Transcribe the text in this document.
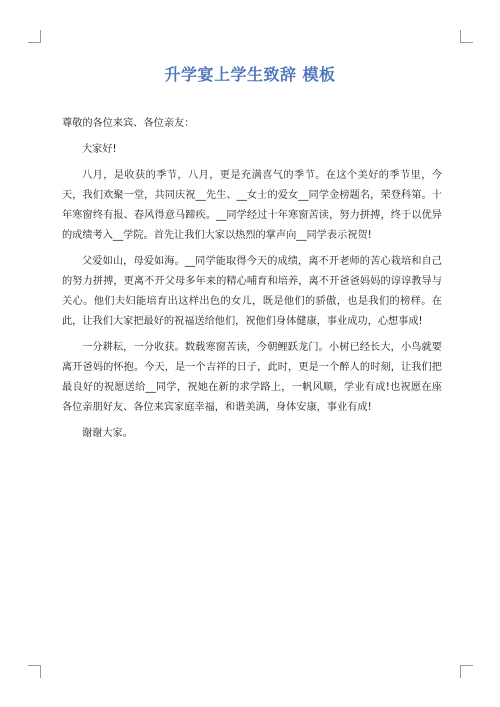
升学宴上学生致辞 模板

尊敬的各位来宾、各位亲友：

大家好!

八月，是收获的季节，八月，更是充满喜气的季节。在这个美好的季节里，今天，我们欢聚一堂，共同庆祝__先生、__女士的爱女__同学金榜题名，荣登科第。十年寒窗终有报、春风得意马蹄疾。__同学经过十年寒窗苦读，努力拼搏，终于以优异的成绩考入__学院。首先让我们大家以热烈的掌声向__同学表示祝贺!

父爱如山，母爱如海。__同学能取得今天的成绩，离不开老师的苦心栽培和自己的努力拼搏，更离不开父母多年来的精心哺育和培养，离不开爸爸妈妈的谆谆教导与关心。他们夫妇能培育出这样出色的女儿，既是他们的骄傲，也是我们的榜样。在此，让我们大家把最好的祝福送给他们，祝他们身体健康，事业成功，心想事成!

一分耕耘，一分收获。数载寒窗苦读，今朝鲤跃龙门。小树已经长大，小鸟就要离开爸妈的怀抱。今天，是一个吉祥的日子，此时，更是一个醉人的时刻，让我们把最良好的祝愿送给__同学，祝她在新的求学路上，一帆风顺，学业有成!也祝愿在座各位亲朋好友、各位来宾家庭幸福，和谐美满，身体安康，事业有成!

谢谢大家。
